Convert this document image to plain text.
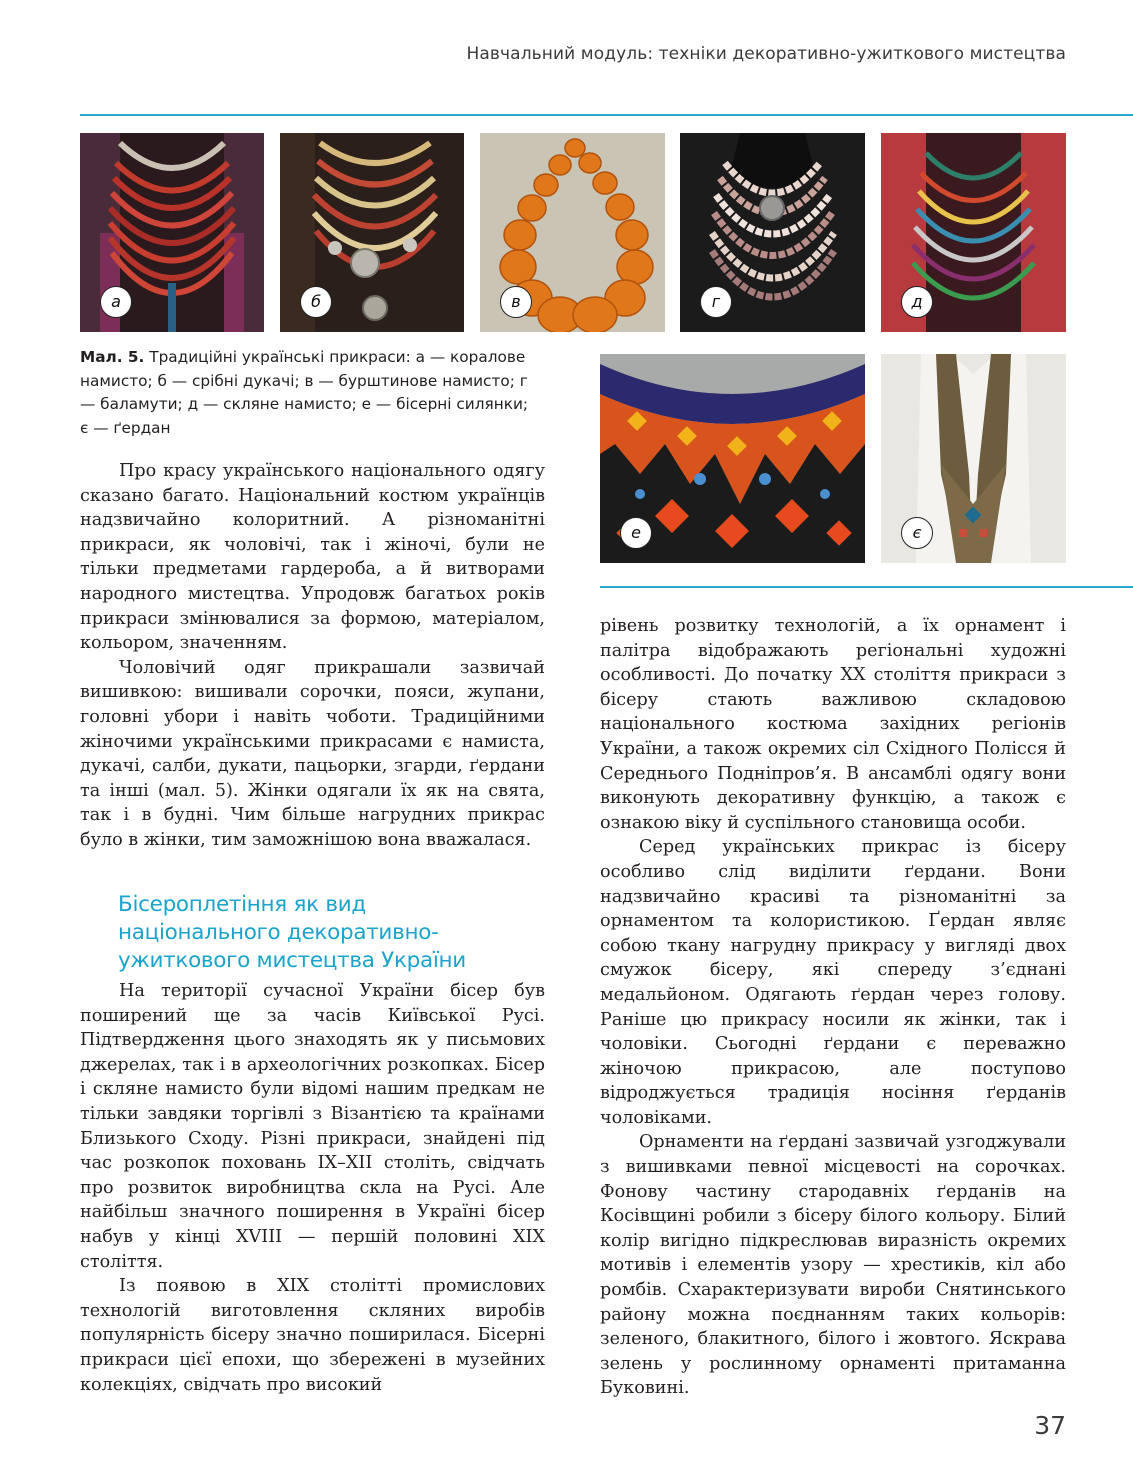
Навчальний модуль: техніки декоративно-ужиткового мистецтва
а	б	в	г	д
Мал. 5. Традиційні українські прикраси: а — коралове намисто; б — срібні дукачі; в — бурштинове намисто; г — баламути; д — скляне намисто; е — бісерні силянки; є — ґердан
е	є

Про красу українського національного одягу сказано багато. Національний костюм українців надзвичайно колоритний. А різноманітні прикраси, як чоловічі, так і жіночі, були не тільки предметами гардероба, а й витворами народного мистецтва. Упродовж багатьох років прикраси змінювалися за формою, матеріалом, кольором, значенням.

Чоловічий одяг прикрашали зазвичай вишивкою: вишивали сорочки, пояси, жупани, головні убори і навіть чоботи. Традиційними жіночими українськими прикрасами є намиста, дукачі, салби, дукати, пацьорки, згарди, ґердани та інші (мал. 5). Жінки одягали їх як на свята, так і в будні. Чим більше нагрудних прикрас було в жінки, тим заможнішою вона вважалася.

Бісероплетіння як вид
національного декоративно-
ужиткового мистецтва України

На території сучасної України бісер був поширений ще за часів Київської Русі. Підтвердження цього знаходять як у письмових джерелах, так і в археологічних розкопках. Бісер і скляне намисто були відомі нашим предкам не тільки завдяки торгівлі з Візантією та країнами Близького Сходу. Різні прикраси, знайдені під час розкопок поховань IX–XII століть, свідчать про розвиток виробництва скла на Русі. Але найбільш значного поширення в Україні бісер набув у кінці XVIII — першій половині XIX століття.

Із появою в XIX столітті промислових технологій виготовлення скляних виробів популярність бісеру значно поширилася. Бісерні прикраси цієї епохи, що збережені в музейних колекціях, свідчать про високий

рівень розвитку технологій, а їх орнамент і палітра відображають регіональні художні особливості. До початку XX століття прикраси з бісеру стають важливою складовою національного костюма західних регіонів України, а також окремих сіл Східного Полісся й Середнього Подніпров’я. В ансамблі одягу вони виконують декоративну функцію, а також є ознакою віку й суспільного становища особи.

Серед українських прикрас із бісеру особливо слід виділити ґердани. Вони надзвичайно красиві та різноманітні за орнаментом та колористикою. Ґердан являє собою ткану нагрудну прикрасу у вигляді двох смужок бісеру, які спереду з’єднані медальйоном. Одягають ґердан через голову. Раніше цю прикрасу носили як жінки, так і чоловіки. Сьогодні ґердани є переважно жіночою прикрасою, але поступово відроджується традиція носіння ґерданів чоловіками.

Орнаменти на ґердані зазвичай узгоджували з вишивками певної місцевості на сорочках. Фонову частину стародавніх ґерданів на Косівщині робили з бісеру білого кольору. Білий колір вигідно підкреслював виразність окремих мотивів і елементів узору — хрестиків, кіл або ромбів. Схарактеризувати вироби Снятинського району можна поєднанням таких кольорів: зеленого, блакитного, білого і жовтого. Яскрава зелень у рослинному орнаменті притаманна Буковині.

37
